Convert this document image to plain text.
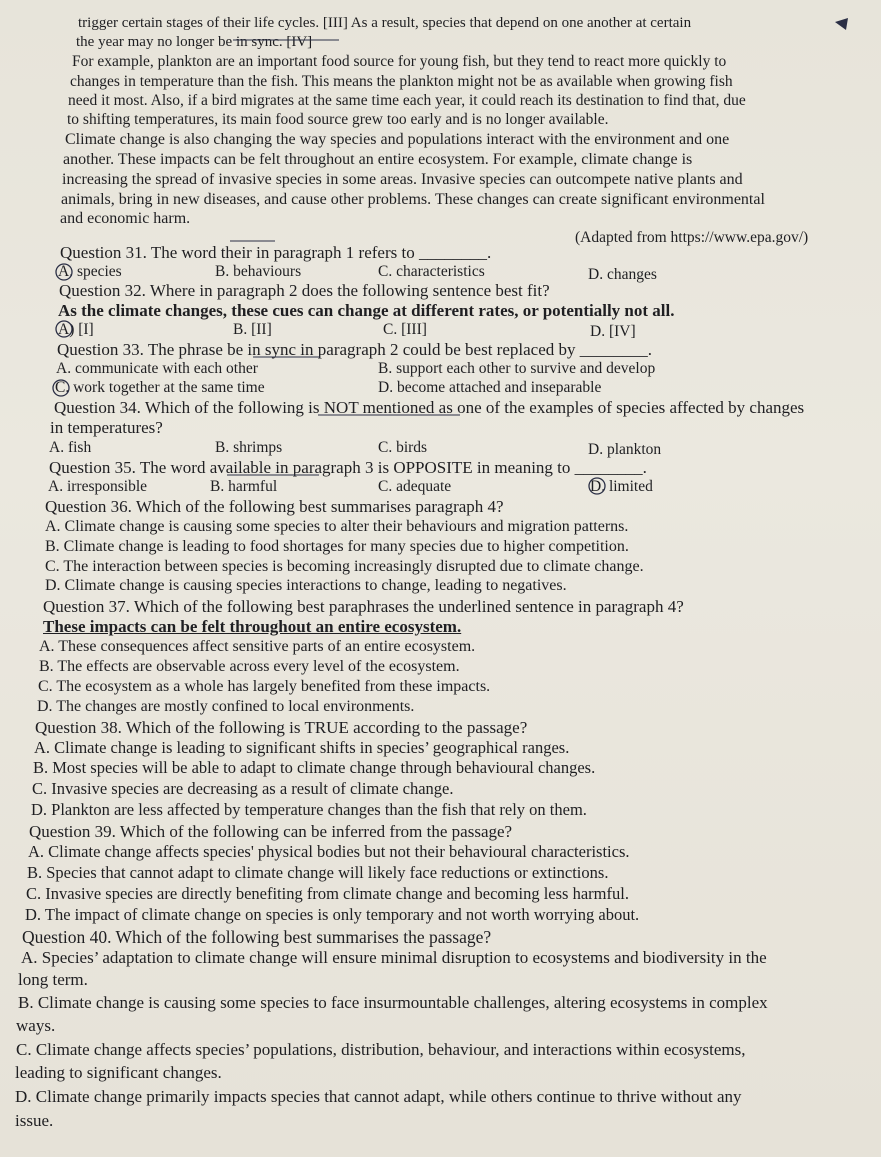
trigger certain stages of their life cycles. [III] As a result, species that depend on one another at certain
the year may no longer be in sync. [IV]
For example, plankton are an important food source for young fish, but they tend to react more quickly to
changes in temperature than the fish. This means the plankton might not be as available when growing fish
need it most. Also, if a bird migrates at the same time each year, it could reach its destination to find that, due
to shifting temperatures, its main food source grew too early and is no longer available.
Climate change is also changing the way species and populations interact with the environment and one
another. These impacts can be felt throughout an entire ecosystem. For example, climate change is
increasing the spread of invasive species in some areas. Invasive species can outcompete native plants and
animals, bring in new diseases, and cause other problems. These changes can create significant environmental
and economic harm.
(Adapted from https://www.epa.gov/)
Question 31. The word their in paragraph 1 refers to ________.
A. species	B. behaviours	C. characteristics	D. changes
Question 32. Where in paragraph 2 does the following sentence best fit?
As the climate changes, these cues can change at different rates, or potentially not all.
A) [I]	B. [II]	C. [III]	D. [IV]
Question 33. The phrase be in sync in paragraph 2 could be best replaced by ________.
A. communicate with each other	B. support each other to survive and develop
C. work together at the same time	D. become attached and inseparable
Question 34. Which of the following is NOT mentioned as one of the examples of species affected by changes
in temperatures?
A. fish	B. shrimps	C. birds	D. plankton
Question 35. The word available in paragraph 3 is OPPOSITE in meaning to ________.
A. irresponsible	B. harmful	C. adequate	D. limited
Question 36. Which of the following best summarises paragraph 4?
A. Climate change is causing some species to alter their behaviours and migration patterns.
B. Climate change is leading to food shortages for many species due to higher competition.
C. The interaction between species is becoming increasingly disrupted due to climate change.
D. Climate change is causing species interactions to change, leading to negatives.
Question 37. Which of the following best paraphrases the underlined sentence in paragraph 4?
These impacts can be felt throughout an entire ecosystem.
A. These consequences affect sensitive parts of an entire ecosystem.
B. The effects are observable across every level of the ecosystem.
C. The ecosystem as a whole has largely benefited from these impacts.
D. The changes are mostly confined to local environments.
Question 38. Which of the following is TRUE according to the passage?
A. Climate change is leading to significant shifts in species’ geographical ranges.
B. Most species will be able to adapt to climate change through behavioural changes.
C. Invasive species are decreasing as a result of climate change.
D. Plankton are less affected by temperature changes than the fish that rely on them.
Question 39. Which of the following can be inferred from the passage?
A. Climate change affects species' physical bodies but not their behavioural characteristics.
B. Species that cannot adapt to climate change will likely face reductions or extinctions.
C. Invasive species are directly benefiting from climate change and becoming less harmful.
D. The impact of climate change on species is only temporary and not worth worrying about.
Question 40. Which of the following best summarises the passage?
A. Species’ adaptation to climate change will ensure minimal disruption to ecosystems and biodiversity in the
long term.
B. Climate change is causing some species to face insurmountable challenges, altering ecosystems in complex
ways.
C. Climate change affects species’ populations, distribution, behaviour, and interactions within ecosystems,
leading to significant changes.
D. Climate change primarily impacts species that cannot adapt, while others continue to thrive without any
issue.
